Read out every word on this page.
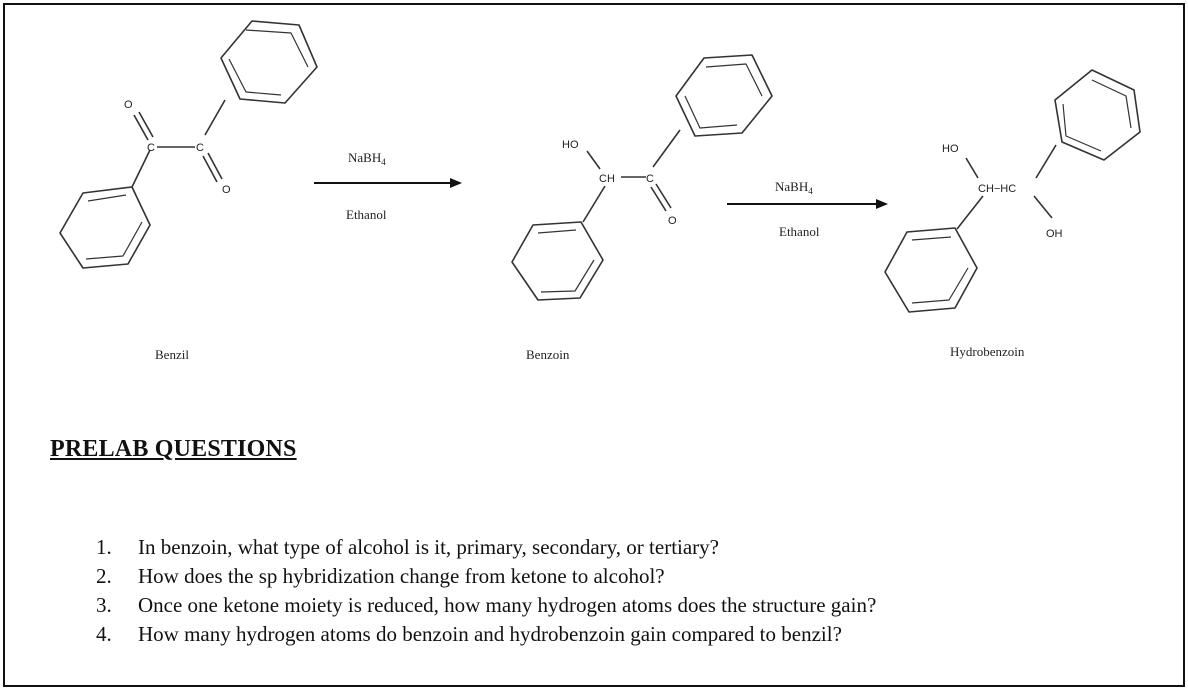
O
C	C
O
HO
CH	C
O
HO
CH−HC
OH
NaBH$_4$
Ethanol
NaBH$_4$
Ethanol
Benzil	Benzoin	Hydrobenzoin
PRELAB QUESTIONS
1.	In benzoin, what type of alcohol is it, primary, secondary, or tertiary?
2.	How does the sp hybridization change from ketone to alcohol?
3.	Once one ketone moiety is reduced, how many hydrogen atoms does the structure gain?
4.	How many hydrogen atoms do benzoin and hydrobenzoin gain compared to benzil?
